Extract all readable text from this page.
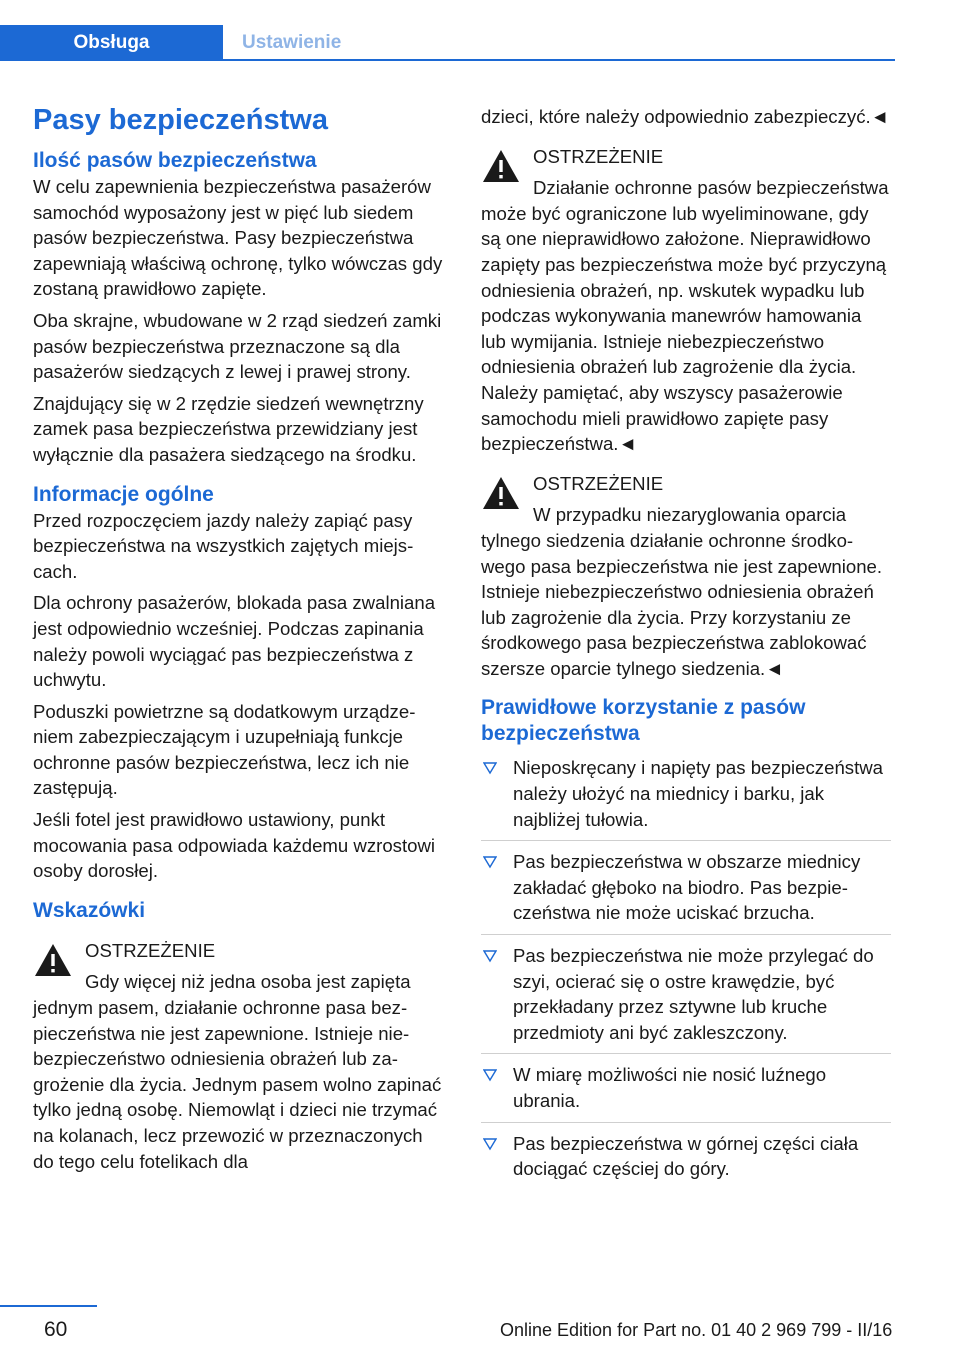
Obsługa	Ustawienie
Pasy bezpieczeństwa
Ilość pasów bezpieczeństwa

W celu zapewnienia bezpieczeństwa pasażerów samochód wyposażony jest w pięć lub siedem pasów bezpieczeństwa. Pasy bezpieczeństwa zapewniają właściwą ochronę, tylko wówczas gdy zostaną prawidłowo zapięte.

Oba skrajne, wbudowane w 2 rząd siedzeń zamki pasów bezpieczeństwa przeznaczone są dla pasażerów siedzących z lewej i prawej strony.

Znajdujący się w 2 rzędzie siedzeń wewnętrzny zamek pasa bezpieczeństwa przewidziany jest wyłącznie dla pasażera siedzącego na środku.

Informacje ogólne

Przed rozpoczęciem jazdy należy zapiąć pasy bezpieczeństwa na wszystkich zajętych miejscach.

Dla ochrony pasażerów, blokada pasa zwalniana jest odpowiednio wcześniej. Podczas zapinania należy powoli wyciągać pas bezpieczeństwa z uchwytu.

Poduszki powietrzne są dodatkowym urządzeniem zabezpieczającym i uzupełniają funkcje ochronne pasów bezpieczeństwa, lecz ich nie zastępują.

Jeśli fotel jest prawidłowo ustawiony, punkt mocowania pasa odpowiada każdemu wzrostowi osoby dorosłej.

Wskazówki
OSTRZEŻENIE

Gdy więcej niż jedna osoba jest zapięta jednym pasem, działanie ochronne pasa bezpieczeństwa nie jest zapewnione. Istnieje niebezpieczeństwo odniesienia obrażeń lub zagrożenie dla życia. Jednym pasem wolno zapinać tylko jedną osobę. Niemowląt i dzieci nie trzymać na kolanach, lecz przewozić w przeznaczonych do tego celu fotelikach dla

dzieci, które należy odpowiednio zabezpieczyć.◄

OSTRZEŻENIE

Działanie ochronne pasów bezpieczeństwa może być ograniczone lub wyeliminowane, gdy są one nieprawidłowo założone. Nieprawidłowo zapięty pas bezpieczeństwa może być przyczyną odniesienia obrażeń, np. wskutek wypadku lub podczas wykonywania manewrów hamowania lub wymijania. Istnieje niebezpieczeństwo odniesienia obrażeń lub zagrożenie dla życia. Należy pamiętać, aby wszyscy pasażerowie samochodu mieli prawidłowo zapięte pasy bezpieczeństwa.◄

OSTRZEŻENIE

W przypadku niezaryglowania oparcia tylnego siedzenia działanie ochronne środkowego pasa bezpieczeństwa nie jest zapewnione. Istnieje niebezpieczeństwo odniesienia obrażeń lub zagrożenie dla życia. Przy korzystaniu ze środkowego pasa bezpieczeństwa zablokować szersze oparcie tylnego siedzenia.◄

Prawidłowe korzystanie z pasów bezpieczeństwa
Nieposkręcany i napięty pas bezpieczeństwa należy ułożyć na miednicy i barku, jak najbliżej tułowia.
Pas bezpieczeństwa w obszarze miednicy zakładać głęboko na biodro. Pas bezpieczeństwa nie może uciskać brzucha.
Pas bezpieczeństwa nie może przylegać do szyi, ocierać się o ostre krawędzie, być przekładany przez sztywne lub kruche przedmioty ani być zakleszczony.
W miarę możliwości nie nosić luźnego ubrania.
Pas bezpieczeństwa w górnej części ciała dociągać częściej do góry.
60	Online Edition for Part no. 01 40 2 969 799 - II/16
